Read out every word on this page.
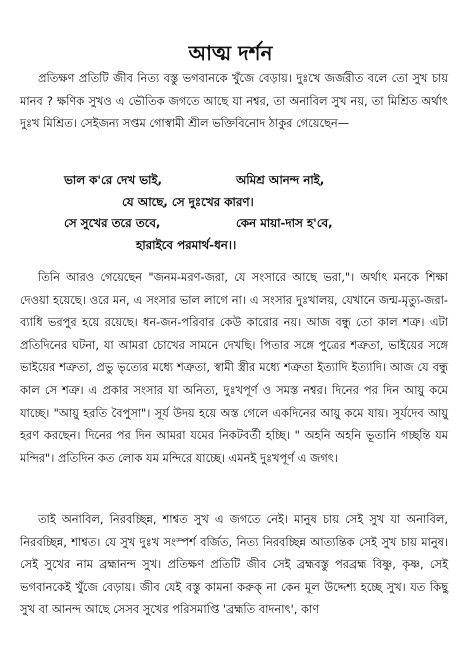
আত্ম দর্শন
প্রতিক্ষণ প্রতিটি জীব নিত্য বস্তু ভগবানকে খুঁজে বেড়ায়। দুঃখে জর্জরীত বলে তো সুখ চায় মানব ? ক্ষণিক সুখও এ ভৌতিক জগতে আছে যা নশ্বর, তা অনাবিল সুখ নয়, তা মিশ্রিত অর্থাৎ দুঃখ মিশ্রিত। সেইজন্য সপ্তম গোস্বামী শ্রীল ভক্তিবিনোদ ঠাকুর গেয়েছেন—
ভাল ক'রে দেখ ভাই,	অমিশ্র আনন্দ নাই,
যে আছে, সে দুঃখের কারণ।
সে সুখের তরে তবে,	কেন মায়া-দাস হ'বে,
হারাইবে পরমার্থ-ধন।।
তিনি আরও গেয়েছেন "জনম-মরণ-জরা, যে সংসারে আছে ভরা,"। অর্থাৎ মনকে শিক্ষা দেওয়া হয়েছে। ওরে মন, এ সংসার ভাল লাগে না। এ সংসার দুঃখালয়, যেখানে জন্ম-মৃত্যু-জরা-ব্যাধি ভরপুর হয়ে রয়েছে। ধন-জন-পরিবার কেউ কারোর নয়। আজ বন্ধু তো কাল শত্রু। এটা প্রতিদিনের ঘটনা, যা আমরা চোখের সামনে দেখছি। পিতার সঙ্গে পুত্রের শত্রুতা, ভাইয়ের সঙ্গে ভাইয়ের শত্রুতা, প্রভু ভৃত্যের মধ্যে শত্রুতা, স্বামী স্ত্রীর মধ্যে শত্রুতা ইত্যাদি ইত্যাদি। আজ যে বন্ধু কাল সে শত্রু। এ প্রকার সংসার যা অনিত্য, দুঃখপূর্ণ ও সমস্ত নশ্বর। দিনের পর দিন আয়ু কমে যাচ্ছে। "আয়ু হরতি বৈপুসা"। সূর্য উদয় হয়ে অস্ত গেলে একদিনের আয়ু কমে যায়। সূর্যদেব আয়ু হরণ করছেন। দিনের পর দিন আমরা যমের নিকটবর্তী হচ্ছি। " অহনি অহনি ভূতানি গচ্ছন্তি যম মন্দির"। প্রতিদিন কত লোক যম মন্দিরে যাচ্ছে। এমনই দুঃখপূর্ণ এ জগৎ।
তাই অনাবিল, নিরবচ্ছিন্ন, শাশ্বত সুখ এ জগতে নেই। মানুষ চায় সেই সুখ যা অনাবিল, নিরবচ্ছিন্ন, শাশ্বত। যে সুখ দুঃখ সংস্পর্শ বর্জিত, নিত্য নিরবচ্ছিন্ন আত্যন্তিক সেই সুখ চায় মানুষ। সেই সুখের নাম ব্রহ্মানন্দ সুখ। প্রতিক্ষণ প্রতিটি জীব সেই ব্রহ্মবস্তু পরব্রহ্ম বিষ্ণু, কৃষ্ণ, সেই ভগবানকেই খুঁজে বেড়ায়। জীব যেই বস্তু কামনা করুক্ না কেন মূল উদ্দেশ্য হচ্ছে সুখ। যত কিছু সুখ বা আনন্দ আছে সেসব সুখের পরিসমাপ্তি 'ব্রহ্মতি বাদনাৎ', কাণ
